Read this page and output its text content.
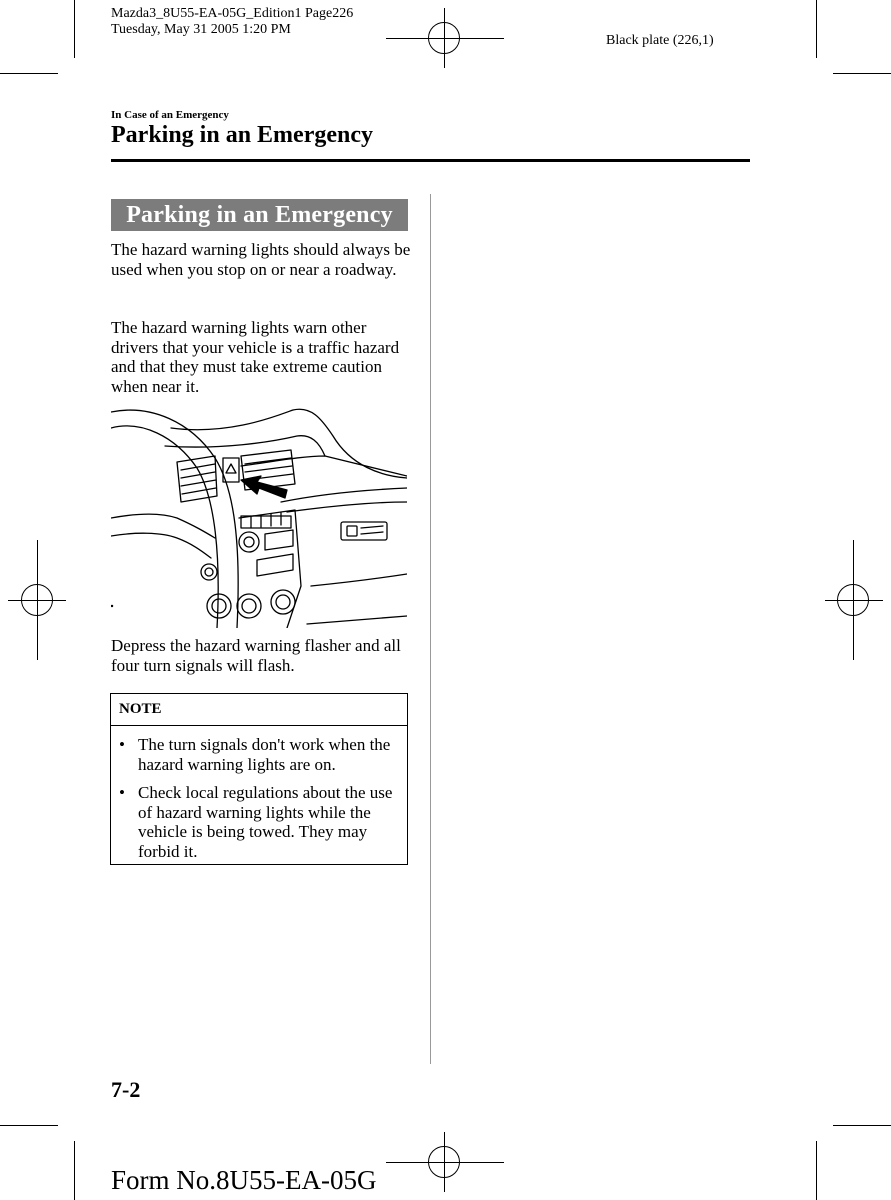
Mazda3_8U55-EA-05G_Edition1 Page226
Tuesday, May 31 2005 1:20 PM
Black plate (226,1)
In Case of an Emergency
Parking in an Emergency
Parking in an Emergency
The hazard warning lights should always be used when you stop on or near a roadway.
The hazard warning lights warn other drivers that your vehicle is a traffic hazard and that they must take extreme caution when near it.
Depress the hazard warning flasher and all four turn signals will flash.
NOTE
• The turn signals don't work when the hazard warning lights are on.
• Check local regulations about the use of hazard warning lights while the vehicle is being towed. They may forbid it.
7-2
Form No.8U55-EA-05G
